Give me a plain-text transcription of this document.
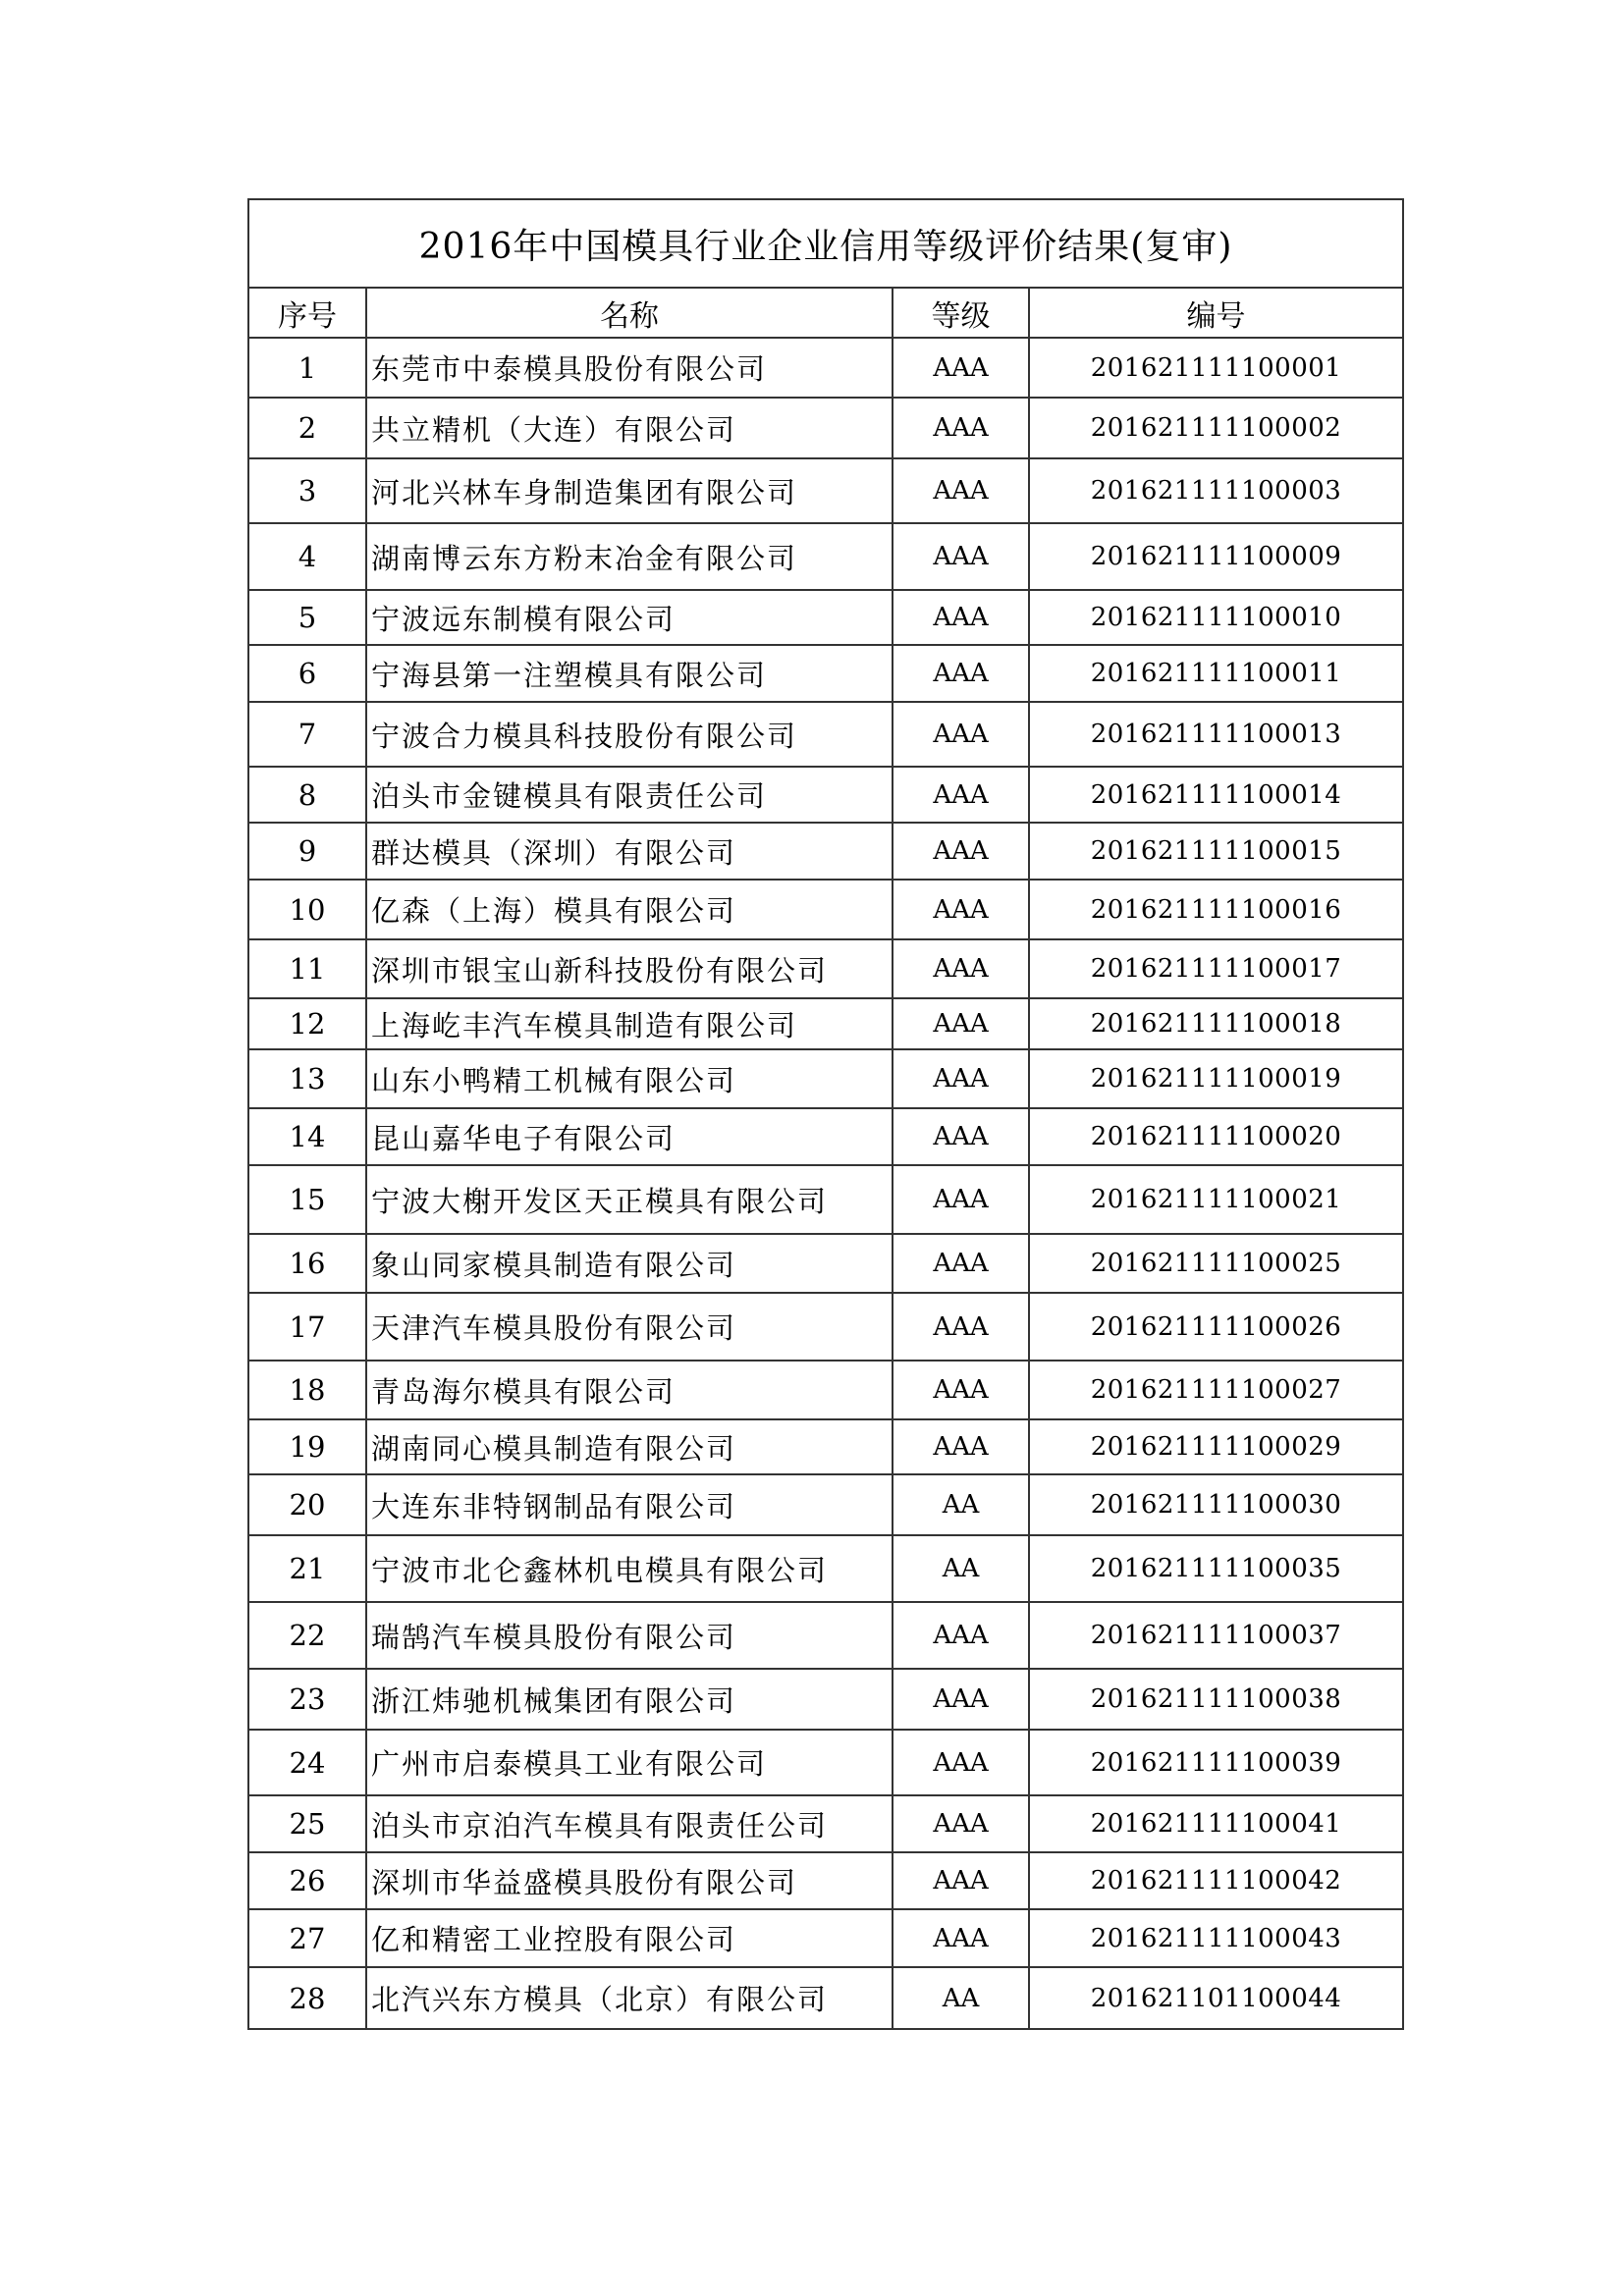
2016年中国模具行业企业信用等级评价结果(复审)			
序号	名称	等级	编号
1	东莞市中泰模具股份有限公司	AAA	201621111100001
2	共立精机（大连）有限公司	AAA	201621111100002
3	河北兴林车身制造集团有限公司	AAA	201621111100003
4	湖南博云东方粉末冶金有限公司	AAA	201621111100009
5	宁波远东制模有限公司	AAA	201621111100010
6	宁海县第一注塑模具有限公司	AAA	201621111100011
7	宁波合力模具科技股份有限公司	AAA	201621111100013
8	泊头市金键模具有限责任公司	AAA	201621111100014
9	群达模具（深圳）有限公司	AAA	201621111100015
10	亿森（上海）模具有限公司	AAA	201621111100016
11	深圳市银宝山新科技股份有限公司	AAA	201621111100017
12	上海屹丰汽车模具制造有限公司	AAA	201621111100018
13	山东小鸭精工机械有限公司	AAA	201621111100019
14	昆山嘉华电子有限公司	AAA	201621111100020
15	宁波大榭开发区天正模具有限公司	AAA	201621111100021
16	象山同家模具制造有限公司	AAA	201621111100025
17	天津汽车模具股份有限公司	AAA	201621111100026
18	青岛海尔模具有限公司	AAA	201621111100027
19	湖南同心模具制造有限公司	AAA	201621111100029
20	大连东非特钢制品有限公司	AA	201621111100030
21	宁波市北仑鑫林机电模具有限公司	AA	201621111100035
22	瑞鹄汽车模具股份有限公司	AAA	201621111100037
23	浙江炜驰机械集团有限公司	AAA	201621111100038
24	广州市启泰模具工业有限公司	AAA	201621111100039
25	泊头市京泊汽车模具有限责任公司	AAA	201621111100041
26	深圳市华益盛模具股份有限公司	AAA	201621111100042
27	亿和精密工业控股有限公司	AAA	201621111100043
28	北汽兴东方模具（北京）有限公司	AA	201621101100044
